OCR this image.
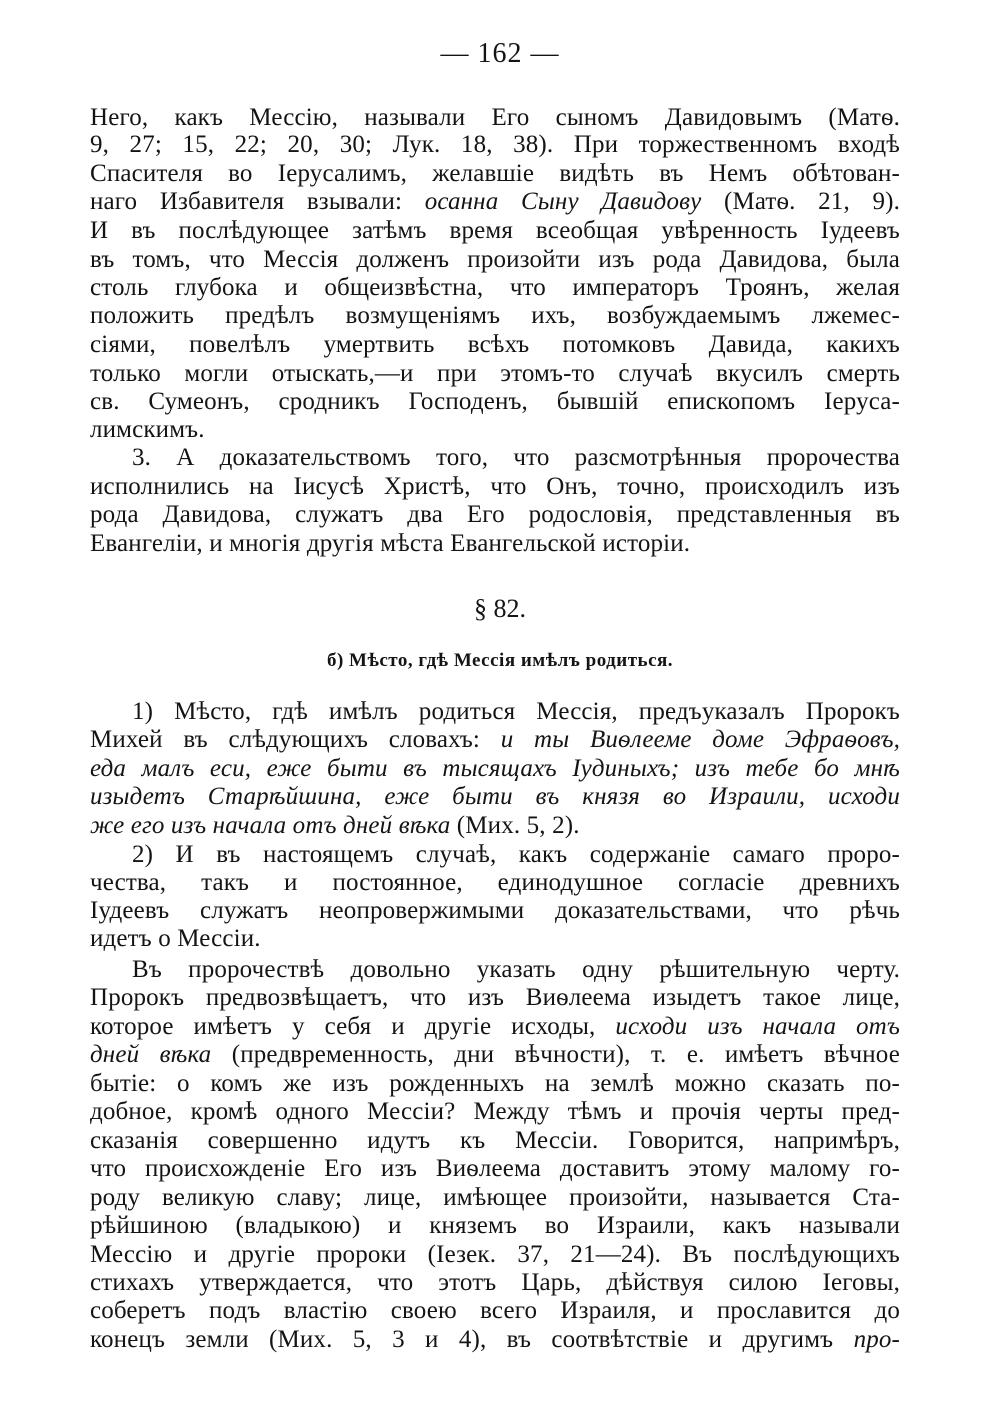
— 162 —
Него, какъ Мессію, называли Его сыномъ Давидовымъ (Матѳ.
9, 27; 15, 22; 20, 30; Лук. 18, 38). При торжественномъ входѣ
Спасителя во Іерусалимъ, желавшіе видѣть въ Немъ обѣтован-
наго Избавителя взывали: осанна Сыну Давидову (Матѳ. 21, 9).
И въ послѣдующее затѣмъ время всеобщая увѣренность Іудеевъ
въ томъ, что Мессія долженъ произойти изъ рода Давидова, была
столь глубока и общеизвѣстна, что императоръ Троянъ, желая
положить предѣлъ возмущеніямъ ихъ, возбуждаемымъ лжемес-
сіями, повелѣлъ умертвить всѣхъ потомковъ Давида, какихъ
только могли отыскать,—и при этомъ-то случаѣ вкусилъ смерть
св. Сумеонъ, сродникъ Господенъ, бывшій епископомъ Іеруса-
лимскимъ.
3. А доказательствомъ того, что разсмотрѣнныя пророчества
исполнились на Іисусѣ Христѣ, что Онъ, точно, происходилъ изъ
рода Давидова, служатъ два Его родословія, представленныя въ
Евангеліи, и многія другія мѣста Евангельской исторіи.
§ 82.
б) Мѣсто, гдѣ Мессія имѣлъ родиться.
1) Мѣсто, гдѣ имѣлъ родиться Мессія, предъуказалъ Пророкъ
Михей въ слѣдующихъ словахъ: и ты Виѳлееме доме Эфраѳовъ,
еда малъ еси, еже быти въ тысящахъ Іудиныхъ; изъ тебе бо мнѣ
изыдетъ Старѣйшина, еже быти въ князя во Израили, исходи
же его изъ начала отъ дней вѣка (Мих. 5, 2).
2) И въ настоящемъ случаѣ, какъ содержаніе самаго проро-
чества, такъ и постоянное, единодушное согласіе древнихъ
Іудеевъ служатъ неопровержимыми доказательствами, что рѣчь
идетъ о Мессіи.
Въ пророчествѣ довольно указать одну рѣшительную черту.
Пророкъ предвозвѣщаетъ, что изъ Виѳлеема изыдетъ такое лице,
которое имѣетъ у себя и другіе исходы, исходи изъ начала отъ
дней вѣка (предвременность, дни вѣчности), т. е. имѣетъ вѣчное
бытіе: о комъ же изъ рожденныхъ на землѣ можно сказать по-
добное, кромѣ одного Мессіи? Между тѣмъ и прочія черты пред-
сказанія совершенно идутъ къ Мессіи. Говорится, напримѣръ,
что происхожденіе Его изъ Виѳлеема доставитъ этому малому го-
роду великую славу; лице, имѣющее произойти, называется Ста-
рѣйшиною (владыкою) и княземъ во Израили, какъ называли
Мессію и другіе пророки (Іезек. 37, 21—24). Въ послѣдующихъ
стихахъ утверждается, что этотъ Царь, дѣйствуя силою Іеговы,
соберетъ подъ властію своею всего Израиля, и прославится до
конецъ земли (Мих. 5, 3 и 4), въ соотвѣтствіе и другимъ про-
